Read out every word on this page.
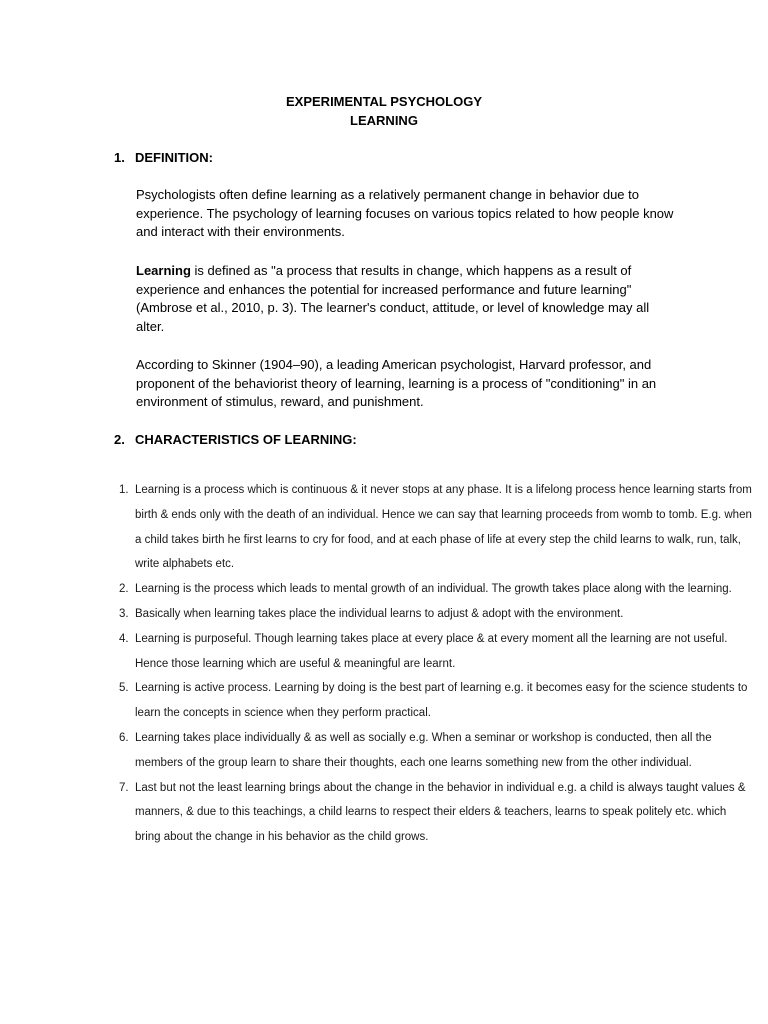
EXPERIMENTAL PSYCHOLOGY
LEARNING
1. DEFINITION:
Psychologists often define learning as a relatively permanent change in behavior due to experience. The psychology of learning focuses on various topics related to how people know and interact with their environments.
Learning is defined as "a process that results in change, which happens as a result of experience and enhances the potential for increased performance and future learning" (Ambrose et al., 2010, p. 3). The learner's conduct, attitude, or level of knowledge may all alter.
According to Skinner (1904–90), a leading American psychologist, Harvard professor, and proponent of the behaviorist theory of learning, learning is a process of "conditioning" in an environment of stimulus, reward, and punishment.
2. CHARACTERISTICS OF LEARNING:
1. Learning is a process which is continuous & it never stops at any phase. It is a lifelong process hence learning starts from birth & ends only with the death of an individual. Hence we can say that learning proceeds from womb to tomb. E.g. when a child takes birth he first learns to cry for food, and at each phase of life at every step the child learns to walk, run, talk, write alphabets etc.
2. Learning is the process which leads to mental growth of an individual. The growth takes place along with the learning.
3. Basically when learning takes place the individual learns to adjust & adopt with the environment.
4. Learning is purposeful. Though learning takes place at every place & at every moment all the learning are not useful. Hence those learning which are useful & meaningful are learnt.
5. Learning is active process. Learning by doing is the best part of learning e.g. it becomes easy for the science students to learn the concepts in science when they perform practical.
6. Learning takes place individually & as well as socially e.g. When a seminar or workshop is conducted, then all the members of the group learn to share their thoughts, each one learns something new from the other individual.
7. Last but not the least learning brings about the change in the behavior in individual e.g. a child is always taught values & manners, & due to this teachings, a child learns to respect their elders & teachers, learns to speak politely etc. which bring about the change in his behavior as the child grows.
